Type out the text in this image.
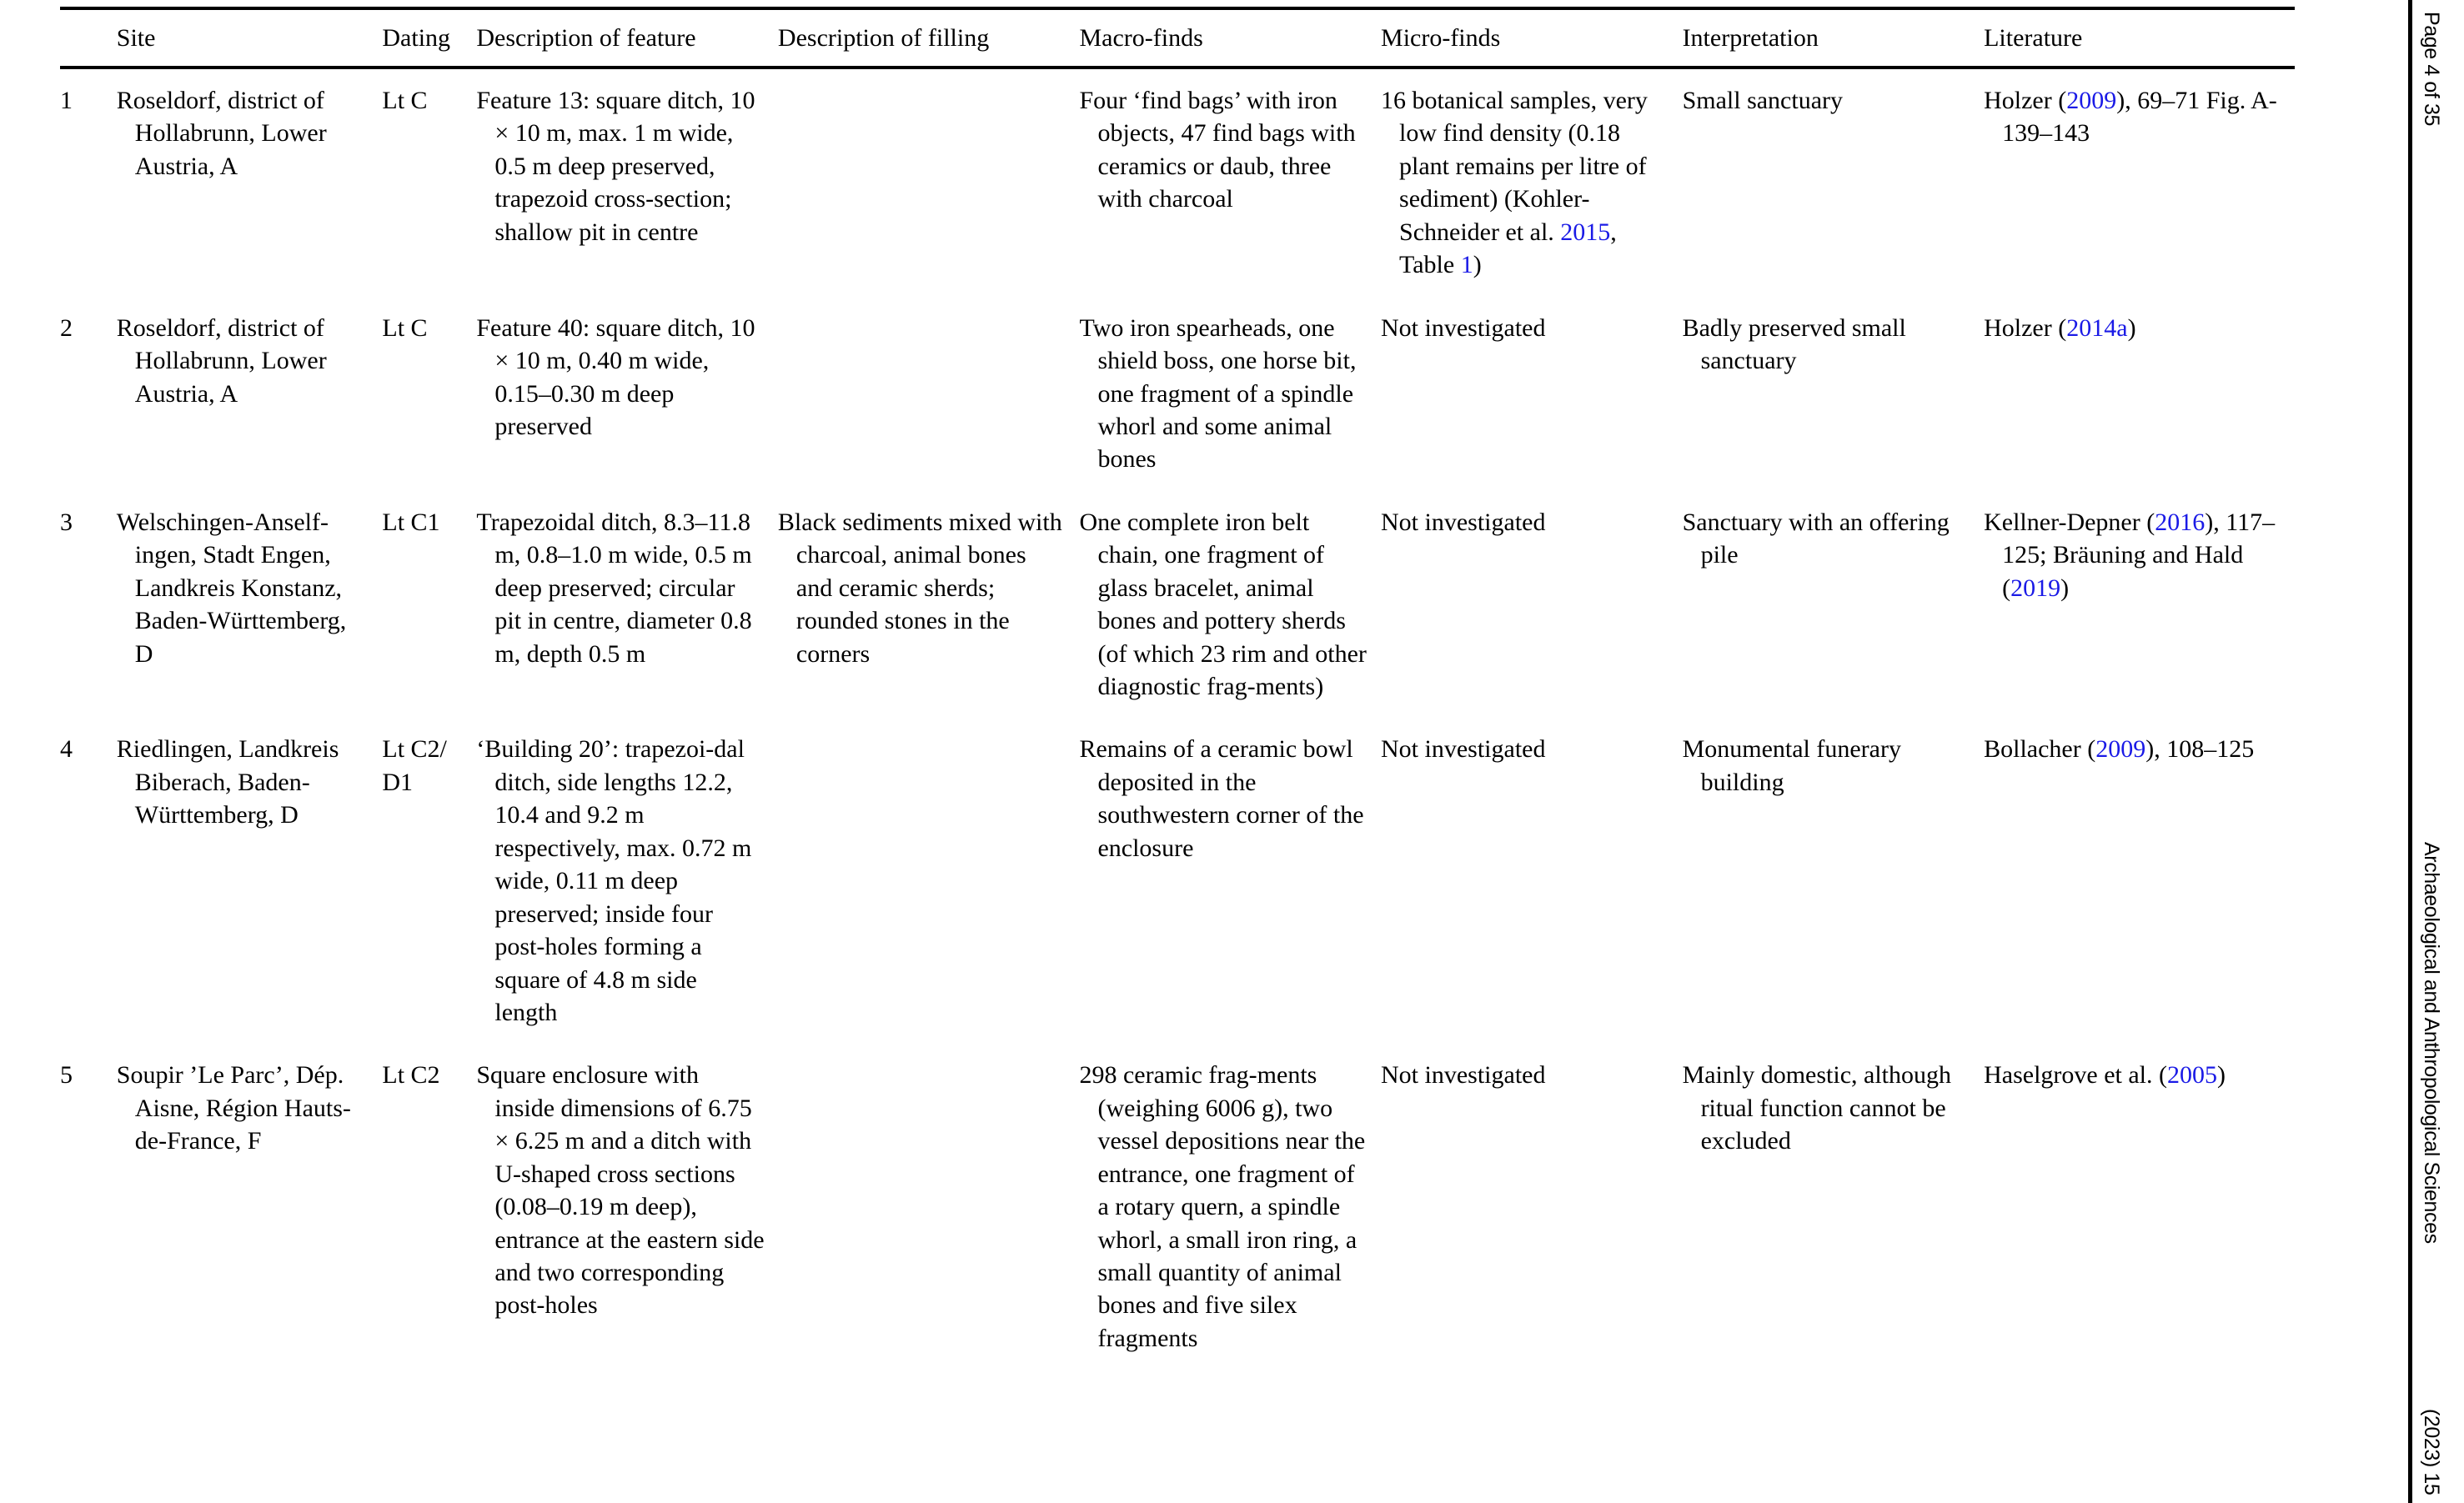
Page 4 of 35
Archaeological and Anthropological Sciences
(2023) 15
	Site	Dating	Description of feature	Description of filling	Macro-finds	Micro-finds	Interpretation	Literature
1	Roseldorf, district of Hollabrunn, Lower Austria, A	Lt C	Feature 13: square ditch, 10 × 10 m, max. 1 m wide, 0.5 m deep preserved, trapezoid cross-section; shallow pit in centre		Four ‘find bags’ with iron objects, 47 find bags with ceramics or daub, three with charcoal	16 botanical samples, very low find density (0.18 plant remains per litre of sediment) (Kohler-Schneider et al. 2015, Table 1)	Small sanctuary	Holzer (2009), 69–71 Fig. A-139–143

2	Roseldorf, district of Hollabrunn, Lower Austria, A	Lt C	Feature 40: square ditch, 10 × 10 m, 0.40 m wide, 0.15–0.30 m deep preserved		Two iron spearheads, one shield boss, one horse bit, one fragment of a spindle whorl and some animal bones	Not investigated	Badly preserved small sanctuary	Holzer (2014a)

3	Welschingen-Anself-ingen, Stadt Engen, Landkreis Konstanz, Baden-Württemberg, D	Lt C1	Trapezoidal ditch, 8.3–11.8 m, 0.8–1.0 m wide, 0.5 m deep preserved; circular pit in centre, diameter 0.8 m, depth 0.5 m	Black sediments mixed with charcoal, animal bones and ceramic sherds; rounded stones in the corners	One complete iron belt chain, one fragment of glass bracelet, animal bones and pottery sherds (of which 23 rim and other diagnostic frag-ments)	Not investigated	Sanctuary with an offering pile	Kellner-Depner (2016), 117–125; Bräuning and Hald (2019)

4	Riedlingen, Landkreis Biberach, Baden-Württemberg, D	Lt C2/ D1	‘Building 20’: trapezoi-dal ditch, side lengths 12.2, 10.4 and 9.2 m respectively, max. 0.72 m wide, 0.11 m deep preserved; inside four post-holes forming a square of 4.8 m side length		Remains of a ceramic bowl deposited in the southwestern corner of the enclosure	Not investigated	Monumental funerary building	Bollacher (2009), 108–125

5	Soupir ’Le Parc’, Dép. Aisne, Région Hauts-de-France, F	Lt C2	Square enclosure with inside dimensions of 6.75 × 6.25 m and a ditch with U-shaped cross sections (0.08–0.19 m deep), entrance at the eastern side and two corresponding post-holes		298 ceramic frag-ments (weighing 6006 g), two vessel depositions near the entrance, one fragment of a rotary quern, a spindle whorl, a small iron ring, a small quantity of animal bones and five silex fragments	Not investigated	Mainly domestic, although ritual function cannot be excluded	Haselgrove et al. (2005)
